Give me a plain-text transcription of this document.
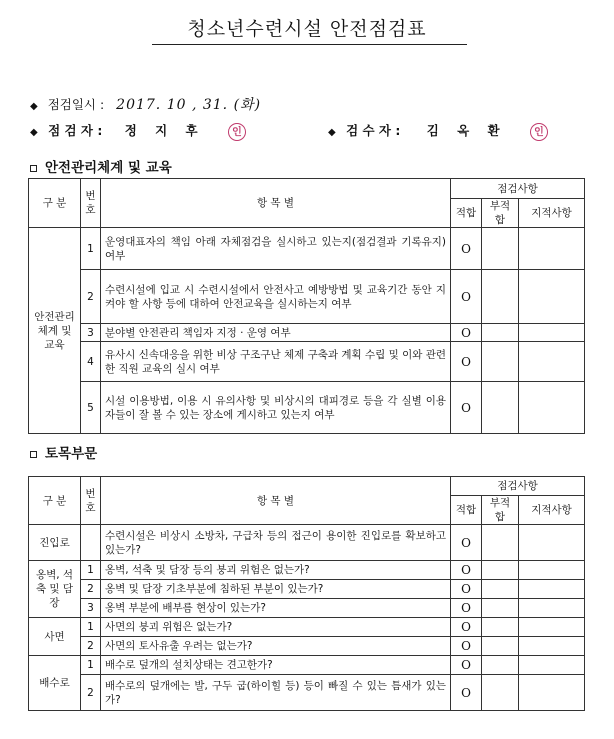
청소년수련시설 안전점검표
◆ 점검일시 : 2017. 10 , 31. (화)
◆ 점 검 자 : 정 지 후	인	◆ 검 수 자 : 김 옥 환	인
안전관리체계 및 교육
구 분	번호	항 목 별	점검사항		
			적합	부적합	지적사항
안전관리 체계 및 교육	1	운영대표자의 책임 아래 자체점검을 실시하고 있는지(점검결과 기록유지) 여부	O		
	2	수련시설에 입교 시 수련시설에서 안전사고 예방방법 및 교육기간 동안 지켜야 할 사항 등에 대하여 안전교육을 실시하는지 여부	O		
	3	분야별 안전관리 책임자 지정 · 운영 여부	O		
	4	유사시 신속대응을 위한 비상 구조구난 체제 구축과 계획 수립 및 이와 관련한 직원 교육의 실시 여부	O		
	5	시설 이용방법, 이용 시 유의사항 및 비상시의 대피경로 등을 각 실별 이용자들이 잘 볼 수 있는 장소에 게시하고 있는지 여부	O		
토목부문
구 분	번호	항 목 별	점검사항		
			적합	부적합	지적사항
진입로		수련시설은 비상시 소방차, 구급차 등의 접근이 용이한 진입로를 확보하고 있는가?	O		
옹벽, 석축 및 담장	1	옹벽, 석축 및 담장 등의 붕괴 위험은 없는가?	O		
	2	옹벽 및 담장 기초부분에 침하된 부분이 있는가?	O		
	3	옹벽 부분에 배부름 현상이 있는가?	O		
사면	1	사면의 붕괴 위험은 없는가?	O		
	2	사면의 토사유출 우려는 없는가?	O		
배수로	1	배수로 덮개의 설치상태는 견고한가?	O		
	2	배수로의 덮개에는 발, 구두 굽(하이힐 등) 등이 빠질 수 있는 틈새가 있는가?	O		
